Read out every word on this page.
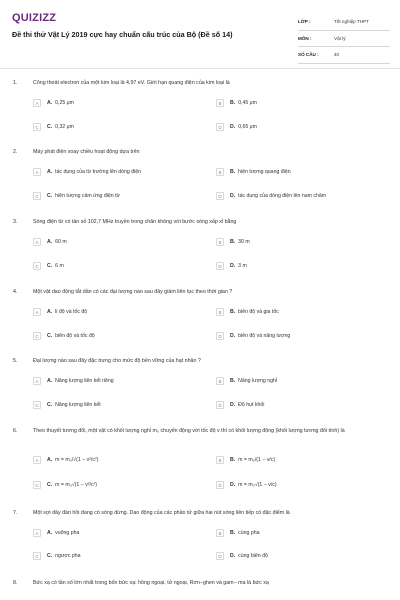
QUIZIZZ
Đề thi thử Vật Lý 2019 cực hay chuẩn cấu trúc của Bộ (Đề số 14)
LỚP :	Tốt nghiệp THPT
MÔN :	Vật lý
SỐ CÂU :	40
1.	Công thoát electron của một kim loại là 4,97 eV. Giới hạn quang điện của kim loại là
A	A. 0,25 μm	B	B. 0,45 μm
C	C. 0,32 μm	D	D. 0,65 μm
2.	Máy phát điện xoay chiều hoạt động dựa trên
A	A. tác dụng của từ trường lên dòng điện	B	B. hiện tượng quang điện
C	C. hiện tượng cảm ứng điện từ	D	D. tác dụng của dòng điện lên nam châm
3.	Sóng điện từ có tần số 102,7 MHz truyền trong chân không với bước sóng xấp xỉ bằng
A	A. 60 m	B	B. 30 m
C	C. 6 m	D	D. 3 m
4.	Một vật dao động tắt dần có các đại lượng nào sau đây giảm liên tục theo thời gian ?
A	A. li độ và tốc độ	B	B. biên độ và gia tốc
C	C. biên độ và tốc độ	D	D. biên độ và năng lượng
5.	Đại lượng nào sau đây đặc trưng cho mức độ bền vững của hạt nhân ?
A	A. Năng lượng liên kết riêng	B	B. Năng lượng nghỉ
C	C. Năng lượng liên kết	D	D. Độ hụt khối
6.	Theo thuyết tương đối, một vật có khối lượng nghỉ m₀ chuyển động với tốc độ v thì có khối lượng động (khối lượng tương đối tính) là
A	A. m = m₀/√(1 − v²/c²)	B	B. m = m₀/(1 − v/c)
C	C. m = m₀√(1 − v²/c²)	D	D. m = m₀√(1 − v/c)
7.	Một sợi dây đàn hồi đang có sóng dừng. Dao động của các phần tử giữa hai nút sóng liên tiếp có đặc điểm là
A	A. vuông pha	B	B. cùng pha
C	C. ngược pha	D	D. cùng biên độ
8.	Bức xạ có tần số lớn nhất trong bốn bức xạ: hồng ngoại, tử ngoại, Rơn−ghen và gam− ma là bức xạ
